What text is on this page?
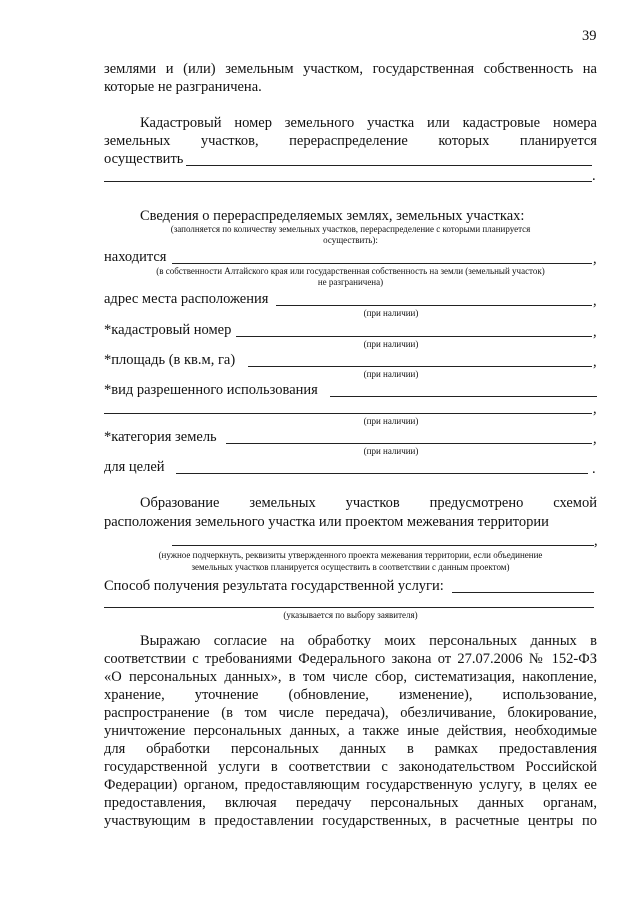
39
землями и (или) земельным участком, государственная собственность на
которые не разграничена.
Кадастровый номер земельного участка или кадастровые номера
земельных участков, перераспределение которых планируется
осуществить
.
Сведения о перераспределяемых землях, земельных участках:
(заполняется по количеству земельных участков, перераспределение с которыми планируется
осуществить):
находится	,
(в собственности Алтайского края или государственная собственность на земли (земельный участок)
не разграничена)
адрес места расположения	,
(при наличии)
*кадастровый номер	,
(при наличии)
*площадь (в кв.м, га)	,
(при наличии)
*вид разрешенного использования
,
(при наличии)
*категория земель	,
(при наличии)
для целей	.
Образование земельных участков предусмотрено схемой
расположения земельного участка или проектом межевания территории
,
(нужное подчеркнуть, реквизиты утвержденного проекта межевания территории, если объединение
земельных участков планируется осуществить в соответствии с данным проектом)
Способ получения результата государственной услуги:
(указывается по выбору заявителя)
Выражаю согласие на обработку моих персональных данных в
соответствии с требованиями Федерального закона от 27.07.2006 № 152-ФЗ
«О персональных данных», в том числе сбор, систематизация, накопление,
хранение, уточнение (обновление, изменение), использование,
распространение (в том числе передача), обезличивание, блокирование,
уничтожение персональных данных, а также иные действия, необходимые
для обработки персональных данных в рамках предоставления
государственной услуги в соответствии с законодательством Российской
Федерации) органом, предоставляющим государственную услугу, в целях ее
предоставления, включая передачу персональных данных органам,
участвующим в предоставлении государственных, в расчетные центры по
